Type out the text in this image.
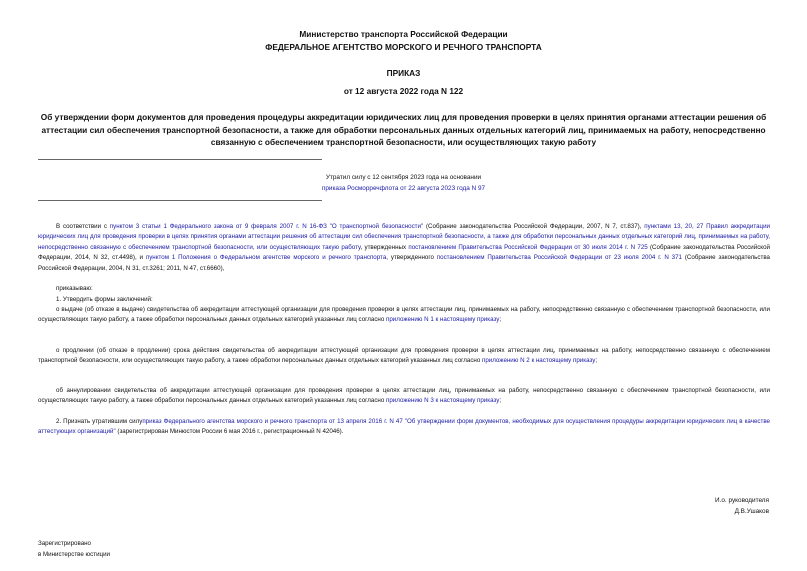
Министерство транспорта Российской Федерации
ФЕДЕРАЛЬНОЕ АГЕНТСТВО МОРСКОГО И РЕЧНОГО ТРАНСПОРТА
ПРИКАЗ
от 12 августа 2022 года N 122
Об утверждении форм документов для проведения процедуры аккредитации юридических лиц для проведения проверки в целях принятия органами аттестации решения об аттестации сил обеспечения транспортной безопасности, а также для обработки персональных данных отдельных категорий лиц, принимаемых на работу, непосредственно связанную с обеспечением транспортной безопасности, или осуществляющих такую работу
Утратил силу с 12 сентября 2023 года на основании
приказа Росморречфлота от 22 августа 2023 года N 97

В соответствии с пунктом 3 статьи 1 Федерального закона от 9 февраля 2007 г. N 16-ФЗ "О транспортной безопасности" (Собрание законодательства Российской Федерации, 2007, N 7, ст.837), пунктами 13, 20, 27 Правил аккредитации юридических лиц для проведения проверки в целях принятия органами аттестации решения об аттестации сил обеспечения транспортной безопасности, а также для обработки персональных данных отдельных категорий лиц, принимаемых на работу, непосредственно связанную с обеспечением транспортной безопасности, или осуществляющих такую работу, утвержденных постановлением Правительства Российской Федерации от 30 июля 2014 г. N 725 (Собрание законодательства Российской Федерации, 2014, N 32, ст.4498), и пунктом 1 Положения о Федеральном агентстве морского и речного транспорта, утвержденного постановлением Правительства Российской Федерации от 23 июля 2004 г. N 371 (Собрание законодательства Российской Федерации, 2004, N 31, ст.3261; 2011, N 47, ст.6660),

приказываю:

1. Утвердить формы заключений:

о выдаче (об отказе в выдаче) свидетельства об аккредитации аттестующей организации для проведения проверки в целях аттестации лиц, принимаемых на работу, непосредственно связанную с обеспечением транспортной безопасности, или осуществляющих такую работу, а также обработки персональных данных отдельных категорий указанных лиц согласно приложению N 1 к настоящему приказу;

о продлении (об отказе в продлении) срока действия свидетельства об аккредитации аттестующей организации для проведения проверки в целях аттестации лиц, принимаемых на работу, непосредственно связанную с обеспечением транспортной безопасности, или осуществляющих такую работу, а также обработки персональных данных отдельных категорий указанных лиц согласно приложению N 2 к настоящему приказу;

об аннулировании свидетельства об аккредитации аттестующей организации для проведения проверки в целях аттестации лиц, принимаемых на работу, непосредственно связанную с обеспечением транспортной безопасности, или осуществляющих такую работу, а также обработки персональных данных отдельных категорий указанных лиц согласно приложению N 3 к настоящему приказу;

2. Признать утратившим силуприказ Федерального агентства морского и речного транспорта от 13 апреля 2016 г. N 47 "Об утверждении форм документов, необходимых для осуществления процедуры аккредитации юридических лиц в качестве аттестующих организаций" (зарегистрирован Минюстом России 6 мая 2016 г., регистрационный N 42046).

И.о. руководителя
Д.В.Ушаков
Зарегистрировано
в Министерстве юстиции
